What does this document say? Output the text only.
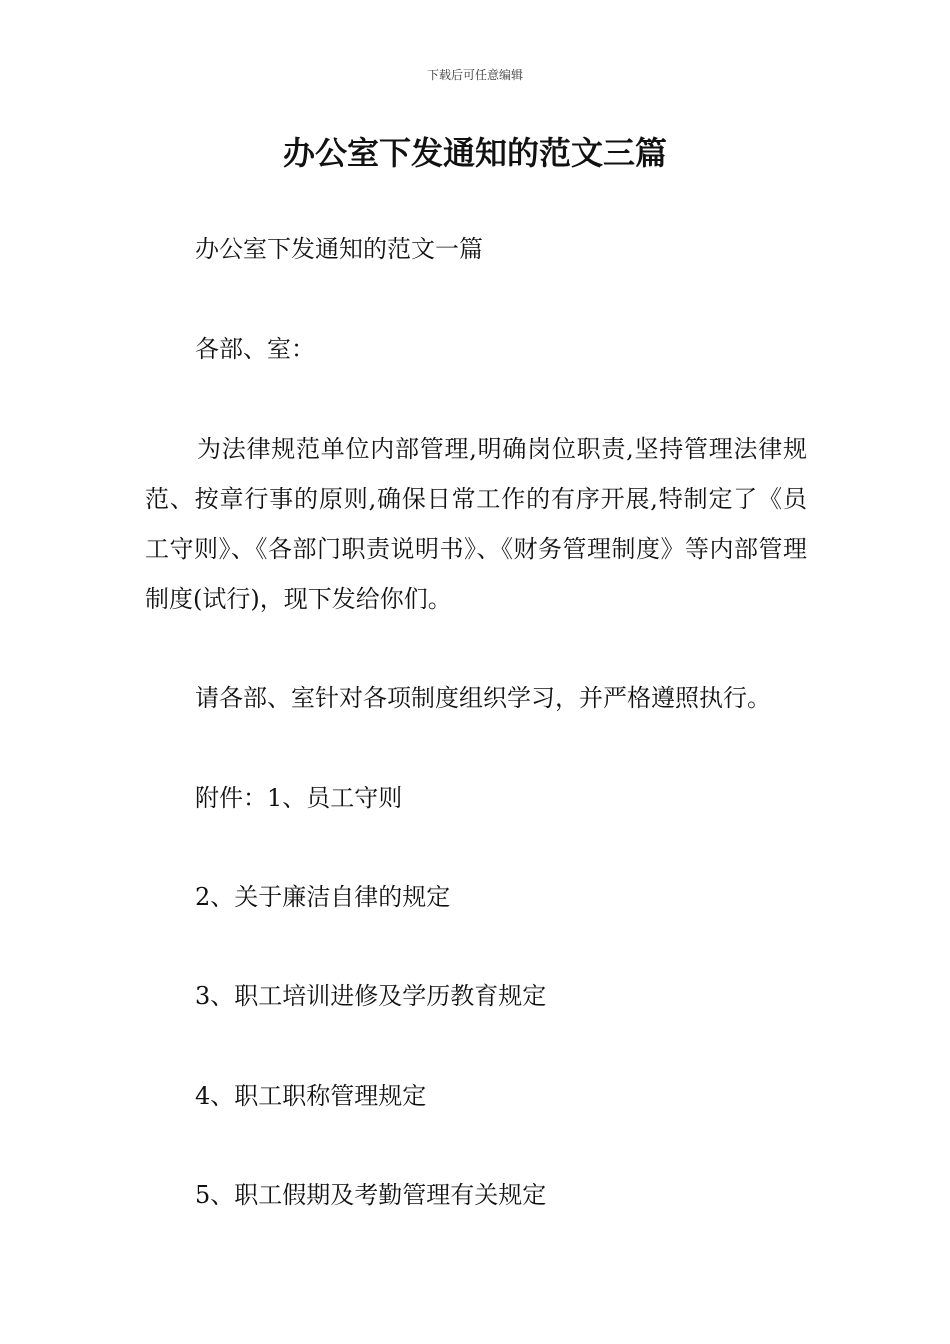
下载后可任意编辑
办公室下发通知的范文三篇
办公室下发通知的范文一篇
各部、室：
为法律规范单位内部管理,明确岗位职责,坚持管理法律规范、按章行事的原则,确保日常工作的有序开展,特制定了《员工守则》、《各部门职责说明书》、《财务管理制度》等内部管理制度(试行)，现下发给你们。
请各部、室针对各项制度组织学习，并严格遵照执行。
附件：1、员工守则
2、关于廉洁自律的规定
3、职工培训进修及学历教育规定
4、职工职称管理规定
5、职工假期及考勤管理有关规定
